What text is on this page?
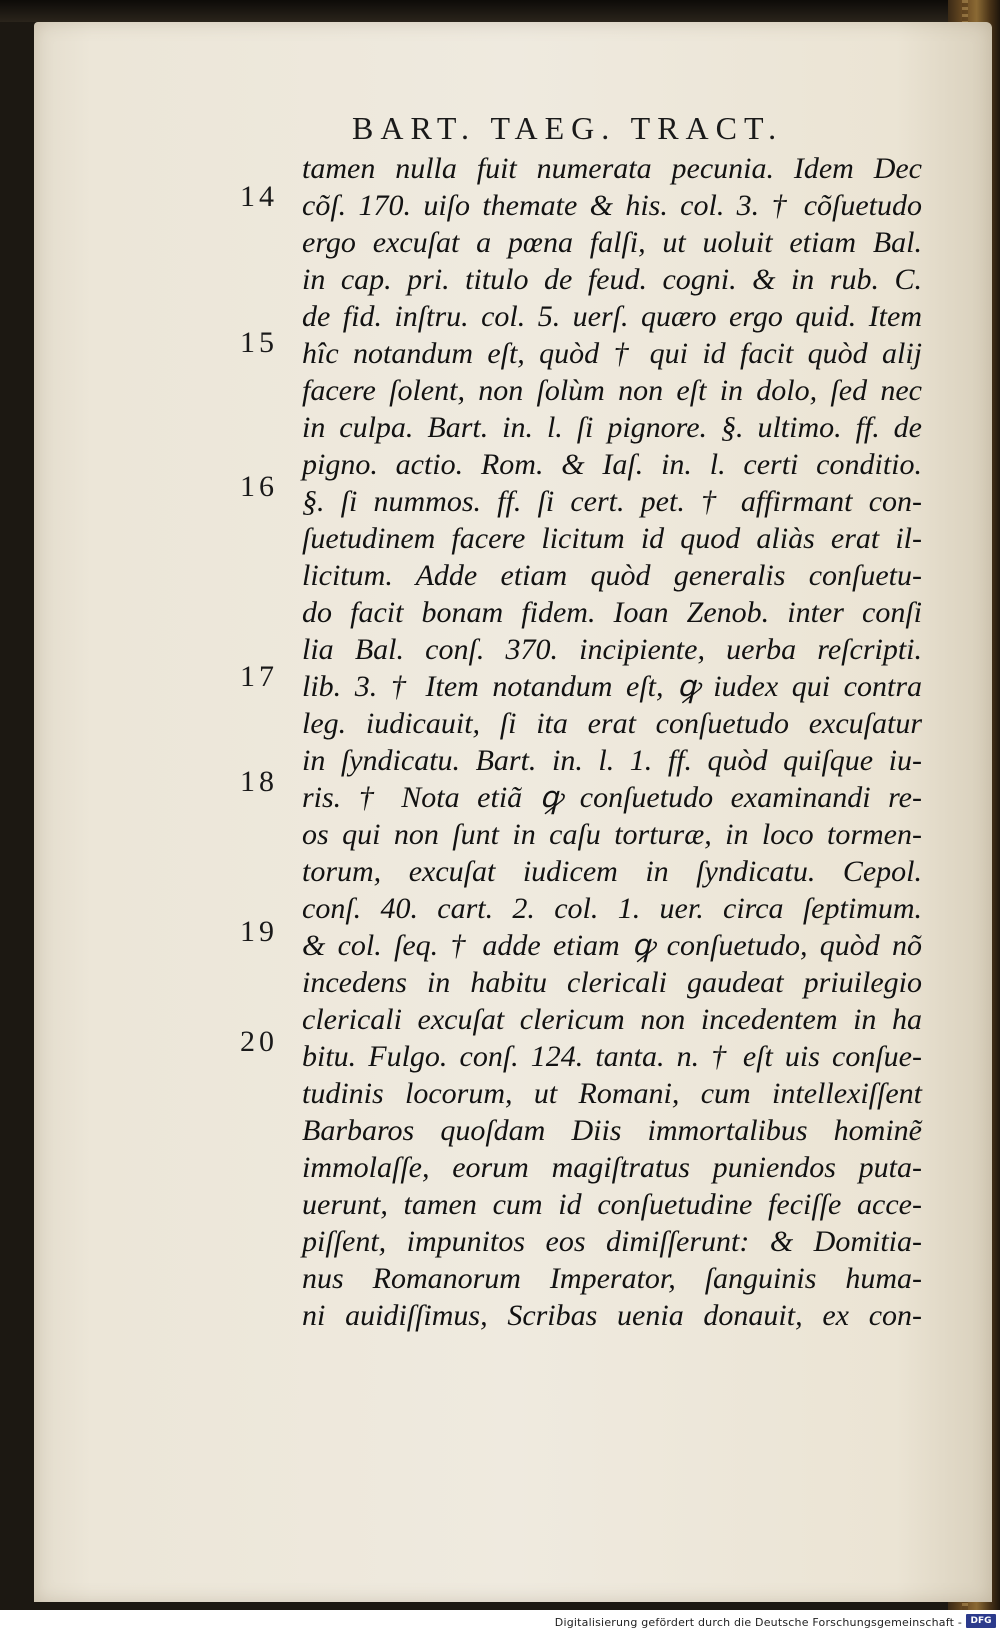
BART. TAEG. TRACT.
14
15
16
17
18
19
20
tamen nulla fuit numerata pecunia. Idem Dec
cõſ. 170. uiſo themate & his. col. 3. † cõſuetudo
ergo excuſat a pœna falſi, ut uoluit etiam Bal.
in cap. pri. titulo de feud. cogni. & in rub. C.
de fid. inſtru. col. 5. uerſ. quæro ergo quid. Item
hîc notandum eſt, quòd † qui id facit quòd alij
facere ſolent, non ſolùm non eſt in dolo, ſed nec
in culpa. Bart. in. l. ſi pignore. §. ultimo. ff. de
pigno. actio. Rom. & Iaſ. in. l. certi conditio.
§. ſi nummos. ff. ſi cert. pet. † affirmant con-
ſuetudinem facere licitum id quod aliàs erat il-
licitum. Adde etiam quòd generalis conſuetu-
do facit bonam fidem. Ioan Zenob. inter conſi
lia Bal. conſ. 370. incipiente, uerba reſcripti.
lib. 3. † Item notandum eſt, ꝙ iudex qui contra
leg. iudicauit, ſi ita erat conſuetudo excuſatur
in ſyndicatu. Bart. in. l. 1. ff. quòd quiſque iu-
ris. † Nota etiã ꝙ conſuetudo examinandi re-
os qui non ſunt in caſu torturæ, in loco tormen-
torum, excuſat iudicem in ſyndicatu. Cepol.
conſ. 40. cart. 2. col. 1. uer. circa ſeptimum.
& col. ſeq. † adde etiam ꝙ conſuetudo, quòd nõ
incedens in habitu clericali gaudeat priuilegio
clericali excuſat clericum non incedentem in ha
bitu. Fulgo. conſ. 124. tanta. n. † eſt uis conſue-
tudinis locorum, ut Romani, cum intellexiſſent
Barbaros quoſdam Diis immortalibus hominẽ
immolaſſe, eorum magiſtratus puniendos puta-
uerunt, tamen cum id conſuetudine feciſſe acce-
piſſent, impunitos eos dimiſſerunt: & Domitia-
nus Romanorum Imperator, ſanguinis huma-
ni auidiſſimus, Scribas uenia donauit, ex con-
Digitalisierung gefördert durch die Deutsche Forschungsgemeinschaft - DFG
